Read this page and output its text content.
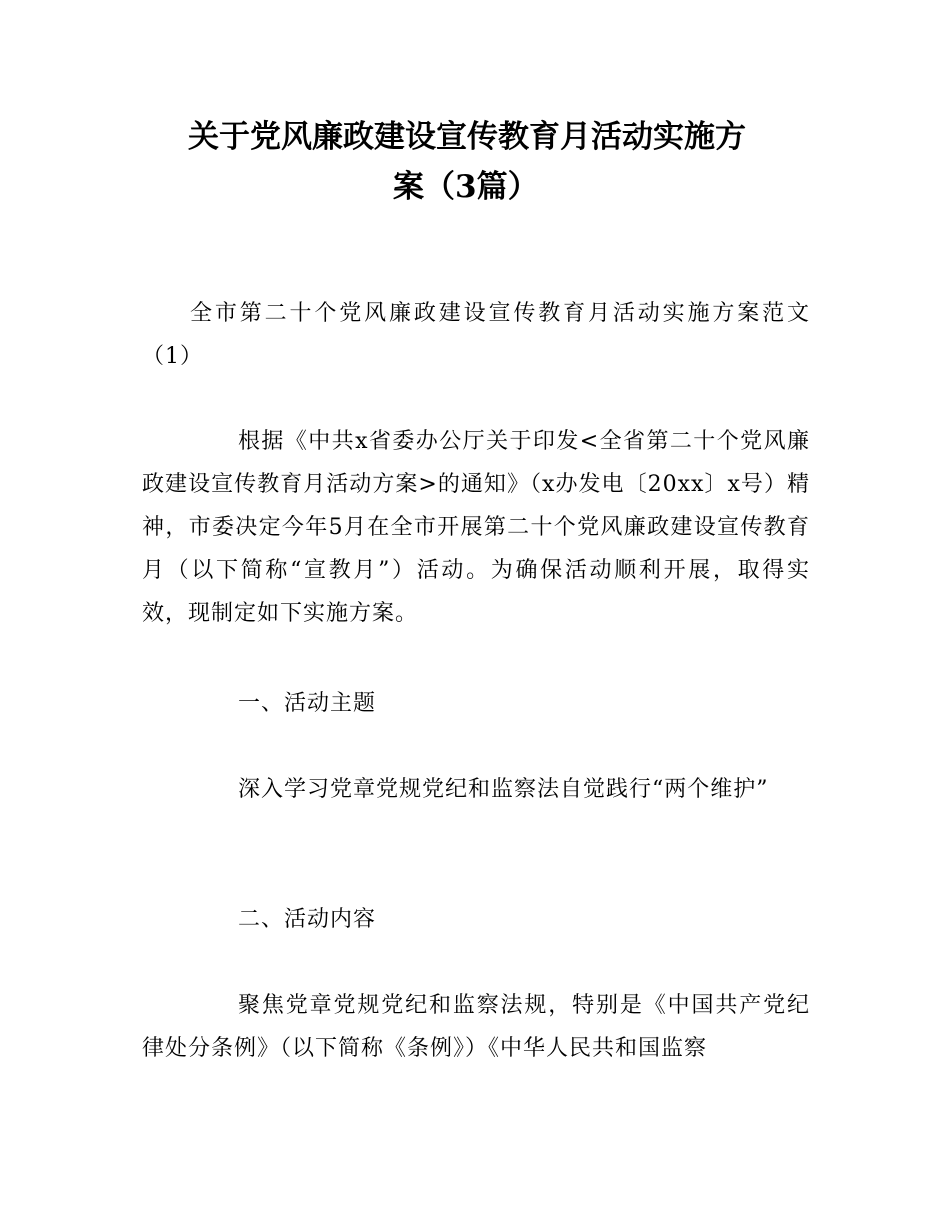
关于党风廉政建设宣传教育月活动实施方
案（3篇）

全市第二十个党风廉政建设宣传教育月活动实施方案范文（1）

根据《中共x省委办公厅关于印发<全省第二十个党风廉政建设宣传教育月活动方案>的通知》（x办发电〔20xx〕x号）精神，市委决定今年5月在全市开展第二十个党风廉政建设宣传教育月（以下简称“宣教月”）活动。为确保活动顺利开展，取得实效，现制定如下实施方案。

一、活动主题

深入学习党章党规党纪和监察法自觉践行“两个维护”

二、活动内容

聚焦党章党规党纪和监察法规，特别是《中国共产党纪律处分条例》（以下简称《条例》）《中华人民共和国监察
